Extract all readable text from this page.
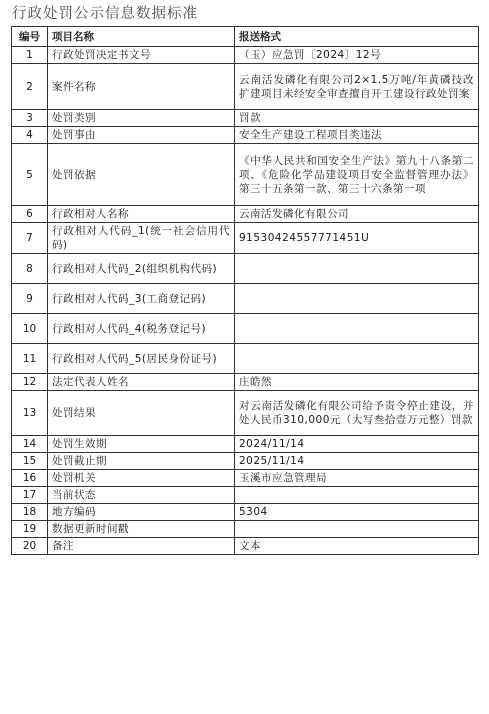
行政处罚公示信息数据标准
编号	项目名称	报送格式
1	行政处罚决定书文号	（玉）应急罚〔2024〕12号
2	案件名称	云南活发磷化有限公司2×1.5万吨/年黄磷技改扩建项目未经安全审查擅自开工建设行政处罚案
3	处罚类别	罚款
4	处罚事由	安全生产建设工程项目类违法
5	处罚依据	《中华人民共和国安全生产法》第九十八条第二项、《危险化学品建设项目安全监督管理办法》第三十五条第一款、第三十六条第一项
6	行政相对人名称	云南活发磷化有限公司
7	行政相对人代码_1(统一社会信用代码)	91530424557771451U
8	行政相对人代码_2(组织机构代码)	
9	行政相对人代码_3(工商登记码)	
10	行政相对人代码_4(税务登记号)	
11	行政相对人代码_5(居民身份证号)	
12	法定代表人姓名	庄皓然
13	处罚结果	对云南活发磷化有限公司给予责令停止建设，并处人民币310,000元（大写叁拾壹万元整）罚款
14	处罚生效期	2024/11/14
15	处罚截止期	2025/11/14
16	处罚机关	玉溪市应急管理局
17	当前状态	
18	地方编码	5304
19	数据更新时间戳	
20	备注	文本
